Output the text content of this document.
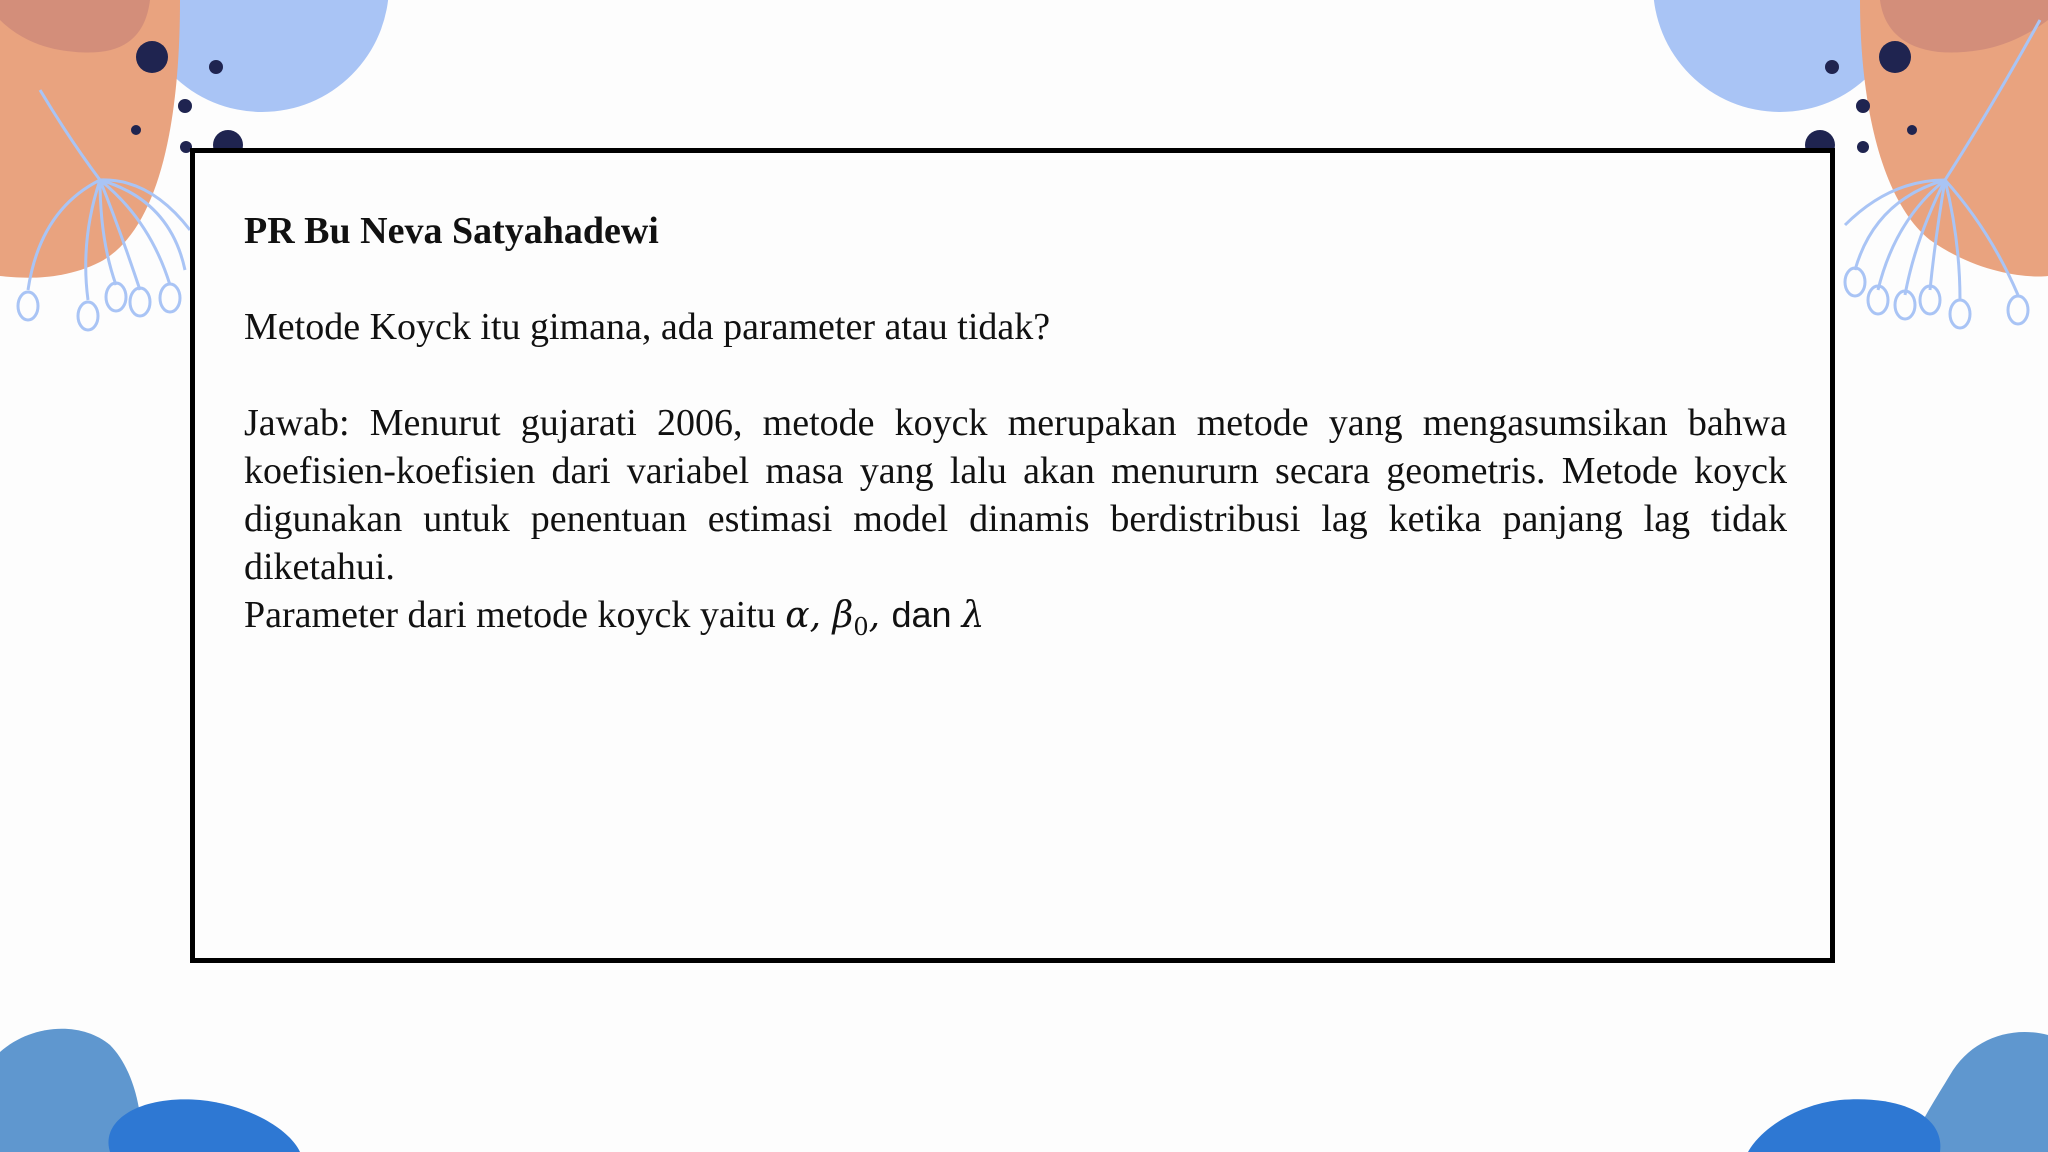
PR Bu Neva Satyahadewi

Metode Koyck itu gimana, ada parameter atau tidak?

Jawab: Menurut gujarati 2006, metode koyck merupakan metode yang mengasumsikan bahwa koefisien-koefisien dari variabel masa yang lalu akan menururn secara geometris. Metode koyck digunakan untuk penentuan estimasi model dinamis berdistribusi lag ketika panjang lag tidak diketahui.

Parameter dari metode koyck yaitu α, $\beta_0$, dan λ
